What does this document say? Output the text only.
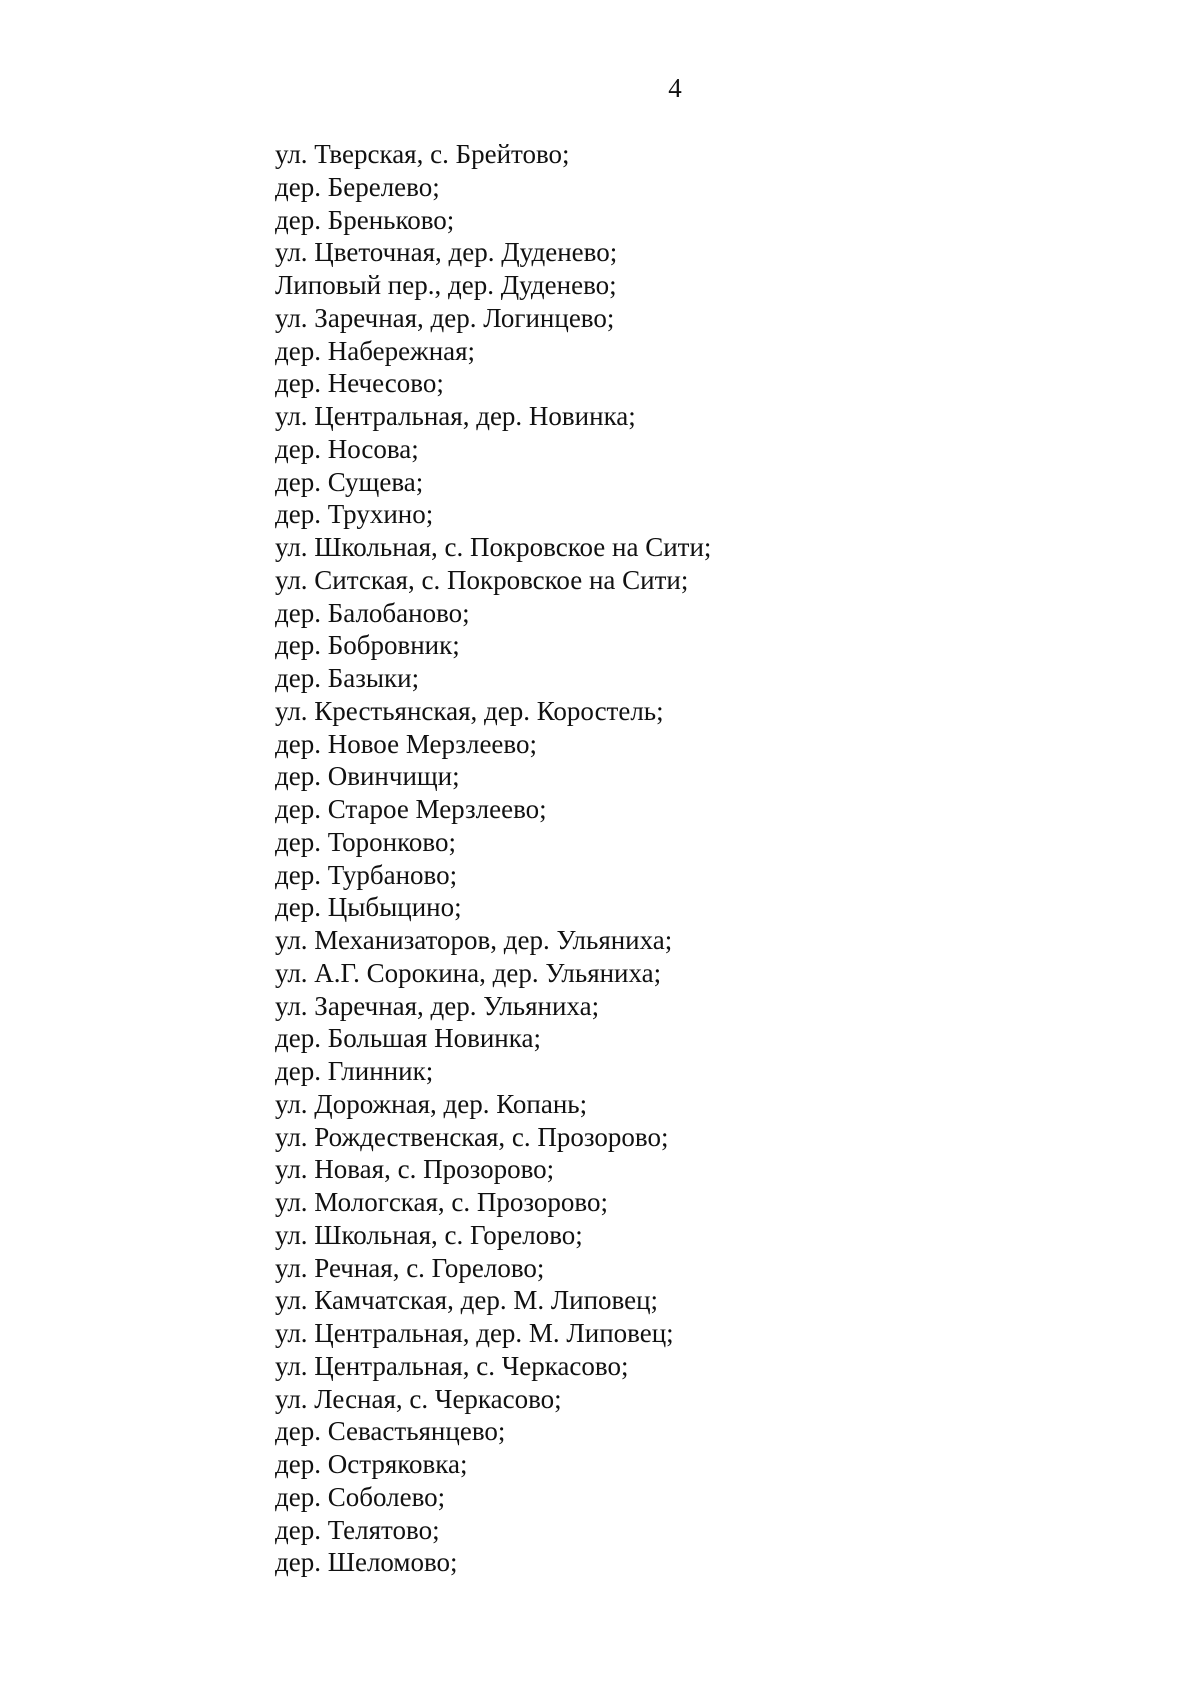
4
ул. Тверская, с. Брейтово;
дер. Берелево;
дер. Бреньково;
ул. Цветочная, дер. Дуденево;
Липовый пер., дер. Дуденево;
ул. Заречная, дер. Логинцево;
дер. Набережная;
дер. Нечесово;
ул. Центральная, дер. Новинка;
дер. Носова;
дер. Сущева;
дер. Трухино;
ул. Школьная, с. Покровское на Сити;
ул. Ситская, с. Покровское на Сити;
дер. Балобаново;
дер. Бобровник;
дер. Базыки;
ул. Крестьянская, дер. Коростель;
дер. Новое Мерзлеево;
дер. Овинчищи;
дер. Старое Мерзлеево;
дер. Торонково;
дер. Турбаново;
дер. Цыбыцино;
ул. Механизаторов, дер. Ульяниха;
ул. А.Г. Сорокина, дер. Ульяниха;
ул. Заречная, дер. Ульяниха;
дер. Большая Новинка;
дер. Глинник;
ул. Дорожная, дер. Копань;
ул. Рождественская, с. Прозорово;
ул. Новая, с. Прозорово;
ул. Мологская, с. Прозорово;
ул. Школьная, с. Горелово;
ул. Речная, с. Горелово;
ул. Камчатская, дер. М. Липовец;
ул. Центральная, дер. М. Липовец;
ул. Центральная, с. Черкасово;
ул. Лесная, с. Черкасово;
дер. Севастьянцево;
дер. Остряковка;
дер. Соболево;
дер. Телятово;
дер. Шеломово;
